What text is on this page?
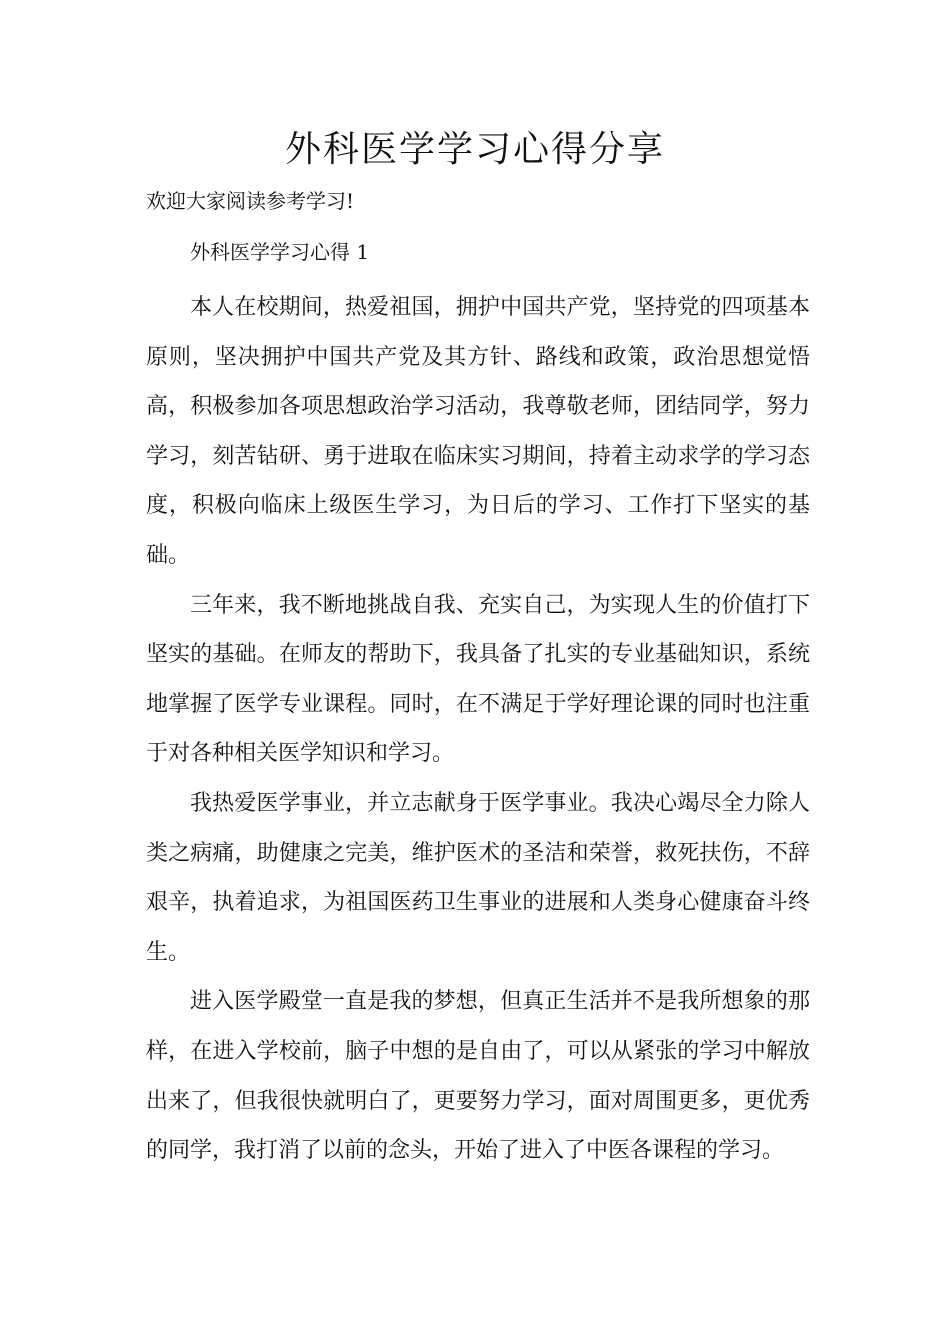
外科医学学习心得分享

欢迎大家阅读参考学习!

外科医学学习心得 1

本人在校期间，热爱祖国，拥护中国共产党，坚持党的四项基本原则，坚决拥护中国共产党及其方针、路线和政策，政治思想觉悟高，积极参加各项思想政治学习活动，我尊敬老师，团结同学，努力学习，刻苦钻研、勇于进取在临床实习期间，持着主动求学的学习态度，积极向临床上级医生学习，为日后的学习、工作打下坚实的基础。

三年来，我不断地挑战自我、充实自己，为实现人生的价值打下坚实的基础。在师友的帮助下，我具备了扎实的专业基础知识，系统地掌握了医学专业课程。同时，在不满足于学好理论课的同时也注重于对各种相关医学知识和学习。

我热爱医学事业，并立志献身于医学事业。我决心竭尽全力除人类之病痛，助健康之完美，维护医术的圣洁和荣誉，救死扶伤，不辞艰辛，执着追求，为祖国医药卫生事业的进展和人类身心健康奋斗终生。

进入医学殿堂一直是我的梦想，但真正生活并不是我所想象的那样，在进入学校前，脑子中想的是自由了，可以从紧张的学习中解放出来了，但我很快就明白了，更要努力学习，面对周围更多，更优秀的同学，我打消了以前的念头，开始了进入了中医各课程的学习。
